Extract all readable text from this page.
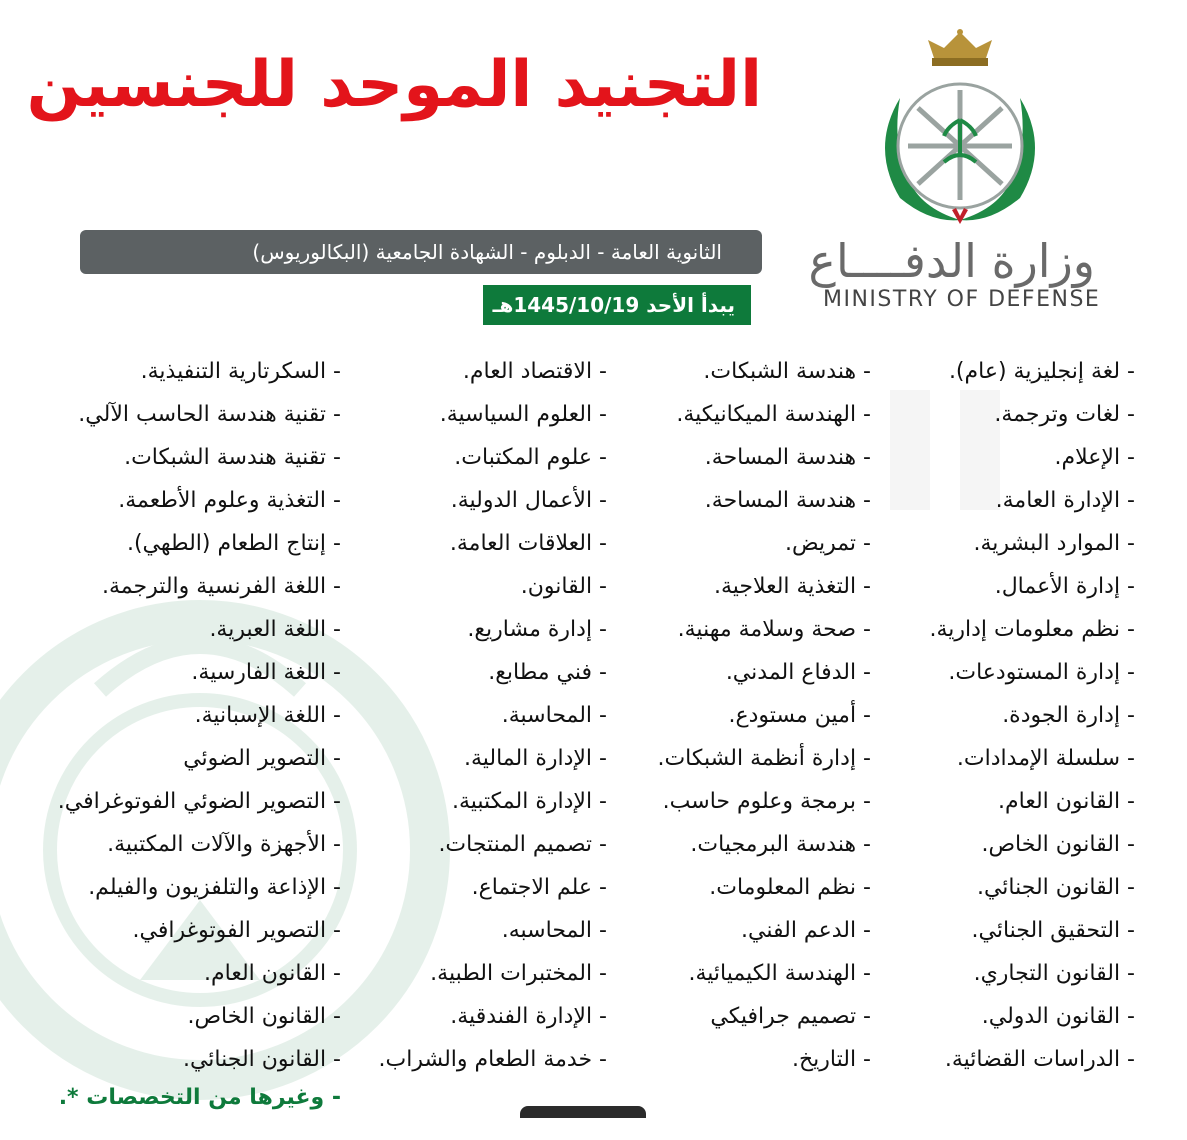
التجنيد الموحد للجنسين
الثانوية العامة - الدبلوم - الشهادة الجامعية (البكالوريوس)
يبدأ الأحد 1445/10/19هـ
وزارة الدفــــاع
MINISTRY OF DEFENSE
- لغة إنجليزية (عام).
- لغات وترجمة.
- الإعلام.
- الإدارة العامة.
- الموارد البشرية.
- إدارة الأعمال.
- نظم معلومات إدارية.
- إدارة المستودعات.
- إدارة الجودة.
- سلسلة الإمدادات.
- القانون العام.
- القانون الخاص.
- القانون الجنائي.
- التحقيق الجنائي.
- القانون التجاري.
- القانون الدولي.
- الدراسات القضائية.
- هندسة الشبكات.
- الهندسة الميكانيكية.
- هندسة المساحة.
- هندسة المساحة.
- تمريض.
- التغذية العلاجية.
- صحة وسلامة مهنية.
- الدفاع المدني.
- أمين مستودع.
- إدارة أنظمة الشبكات.
- برمجة وعلوم حاسب.
- هندسة البرمجيات.
- نظم المعلومات.
- الدعم الفني.
- الهندسة الكيميائية.
- تصميم جرافيكي
- التاريخ.
- الاقتصاد العام.
- العلوم السياسية.
- علوم المكتبات.
- الأعمال الدولية.
- العلاقات العامة.
- القانون.
- إدارة مشاريع.
- فني مطابع.
- المحاسبة.
- الإدارة المالية.
- الإدارة المكتبية.
- تصميم المنتجات.
- علم الاجتماع.
- المحاسبه.
- المختبرات الطبية.
- الإدارة الفندقية.
- خدمة الطعام والشراب.
- السكرتارية التنفيذية.
- تقنية هندسة الحاسب الآلي.
- تقنية هندسة الشبكات.
- التغذية وعلوم الأطعمة.
- إنتاج الطعام (الطهي).
- اللغة الفرنسية والترجمة.
- اللغة العبرية.
- اللغة الفارسية.
- اللغة الإسبانية.
- التصوير الضوئي
- التصوير الضوئي الفوتوغرافي.
- الأجهزة والآلات المكتبية.
- الإذاعة والتلفزيون والفيلم.
- التصوير الفوتوغرافي.
- القانون العام.
- القانون الخاص.
- القانون الجنائي.
- وغيرها من التخصصات *.
